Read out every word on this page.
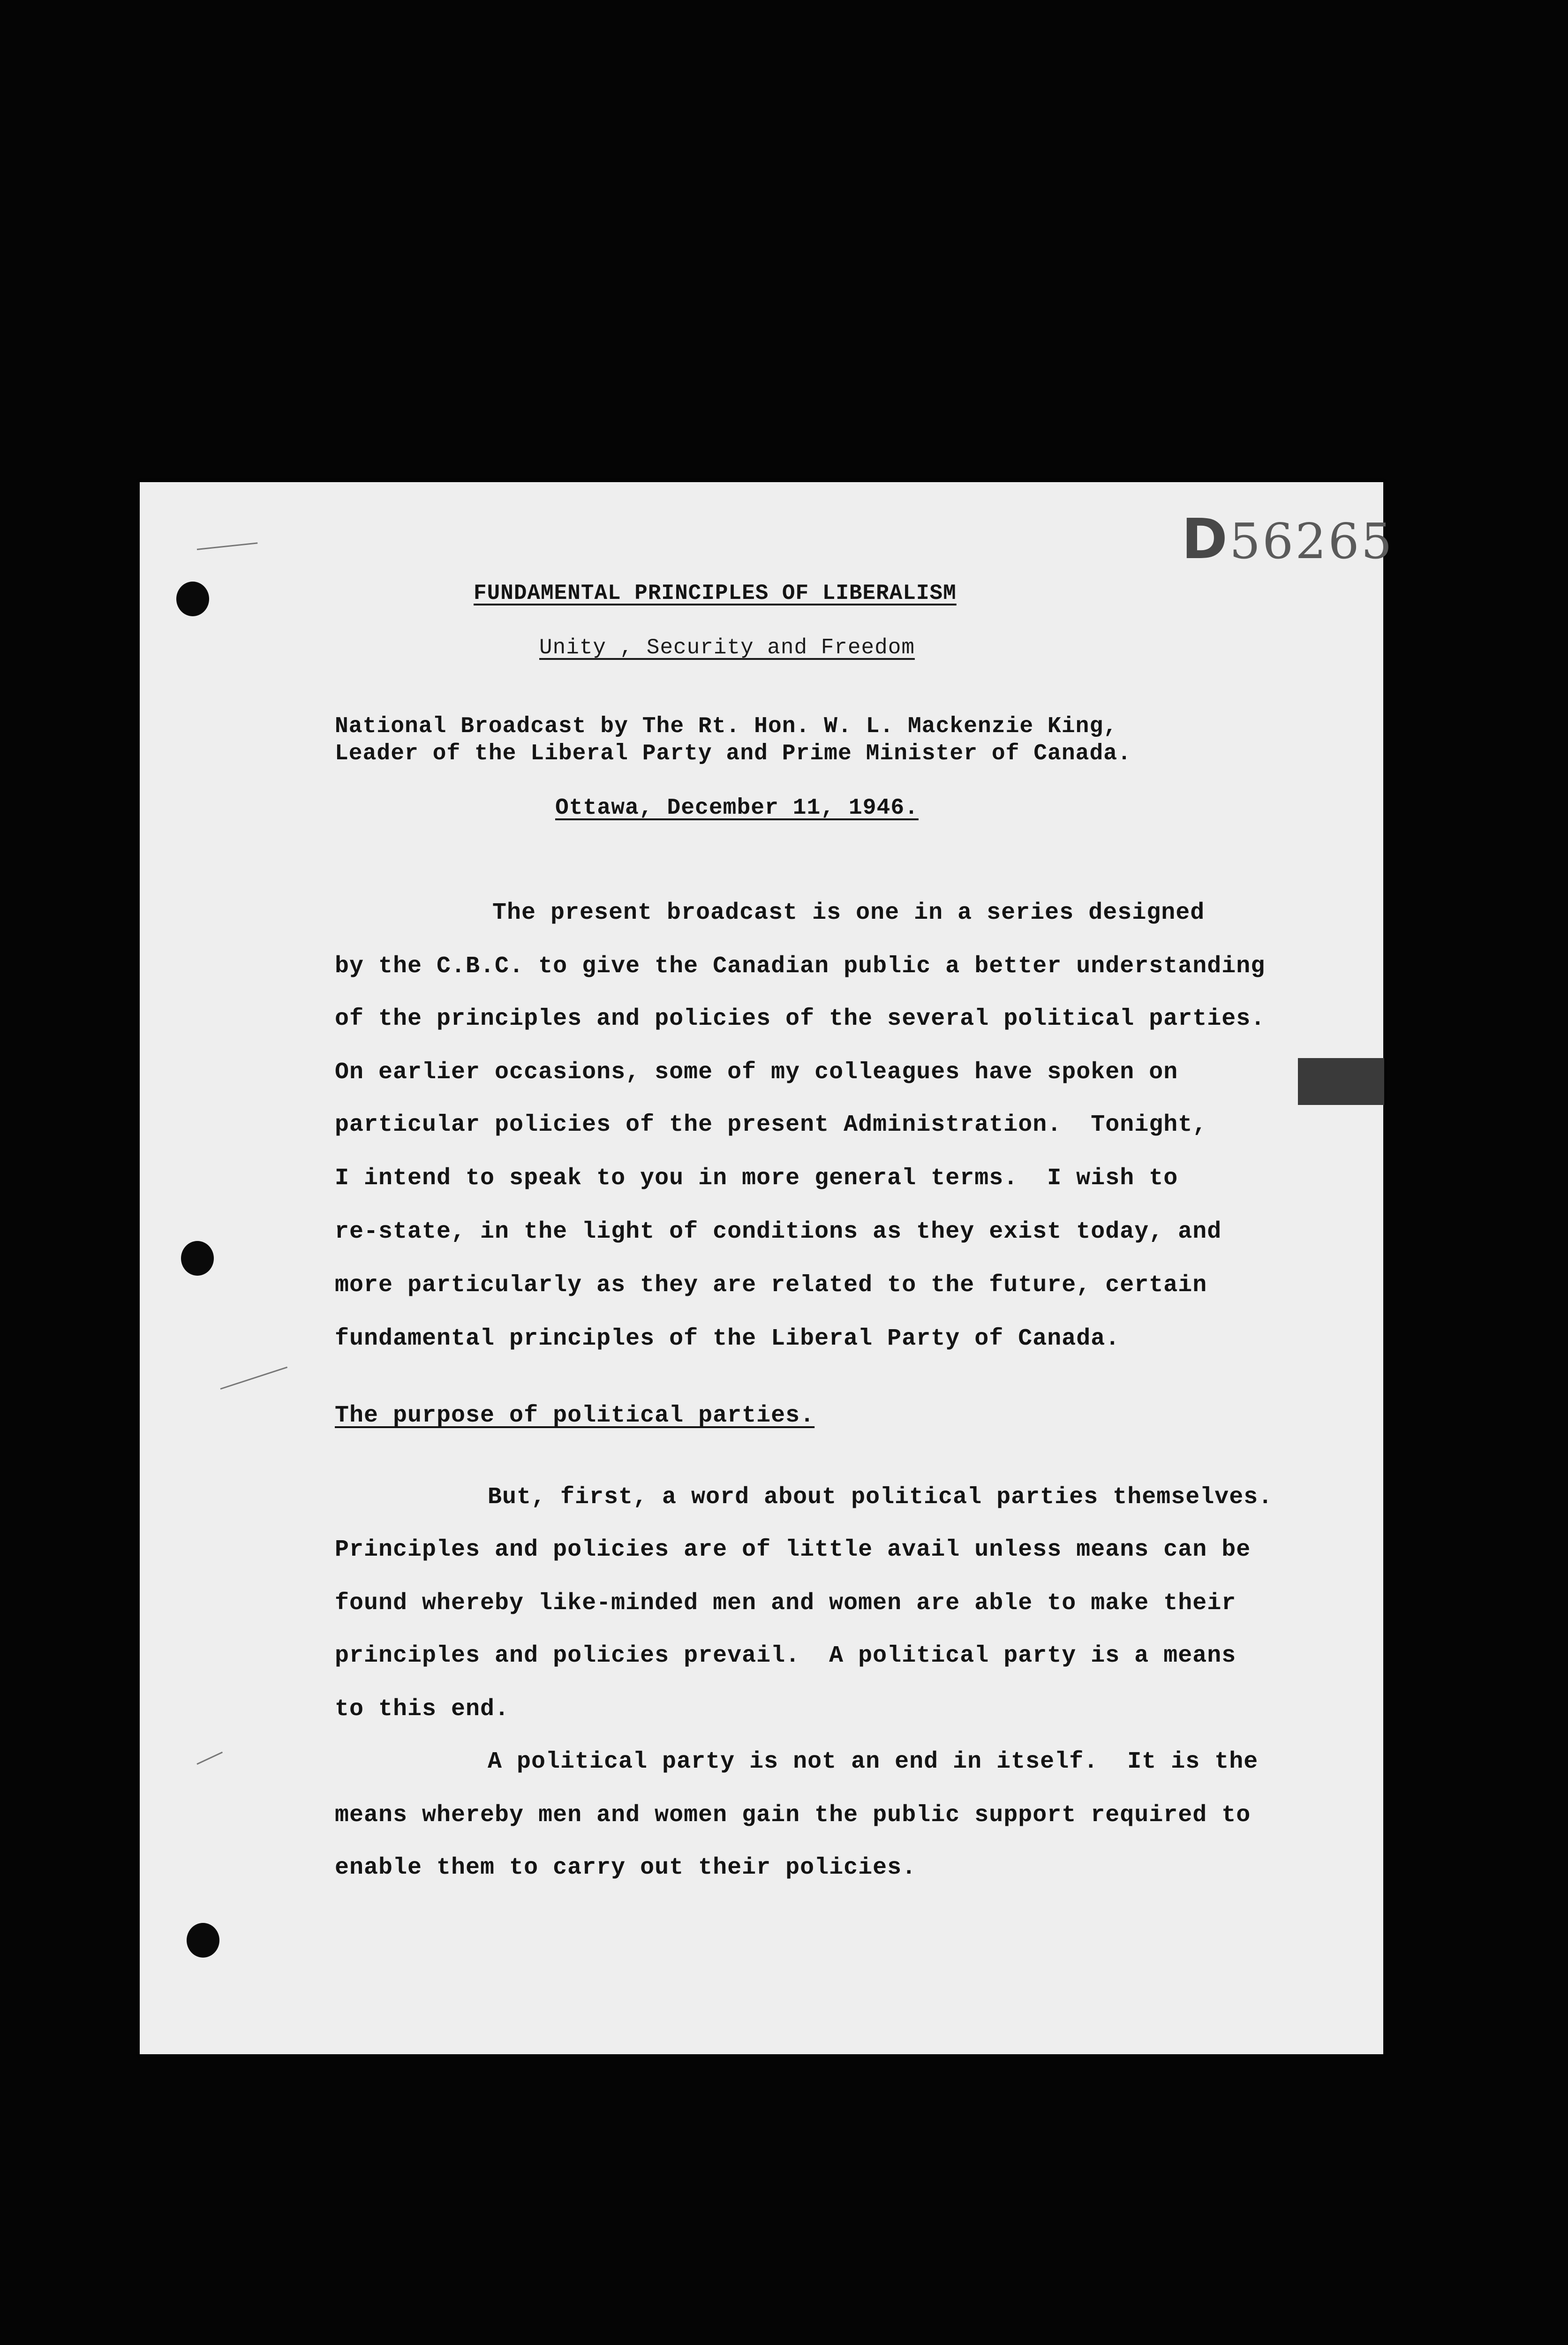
D56265
FUNDAMENTAL PRINCIPLES OF LIBERALISM
Unity , Security and Freedom
National Broadcast by The Rt. Hon. W. L. Mackenzie King,
Leader of the Liberal Party and Prime Minister of Canada.
Ottawa, December 11, 1946.
The present broadcast is one in a series designed
by the C.B.C. to give the Canadian public a better understanding
of the principles and policies of the several political parties.
On earlier occasions, some of my colleagues have spoken on
particular policies of the present Administration.  Tonight,
I intend to speak to you in more general terms.  I wish to
re-state, in the light of conditions as they exist today, and
more particularly as they are related to the future, certain
fundamental principles of the Liberal Party of Canada.
The purpose of political parties.
But, first, a word about political parties themselves.
Principles and policies are of little avail unless means can be
found whereby like-minded men and women are able to make their
principles and policies prevail.  A political party is a means
to this end.
A political party is not an end in itself.  It is the
means whereby men and women gain the public support required to
enable them to carry out their policies.
